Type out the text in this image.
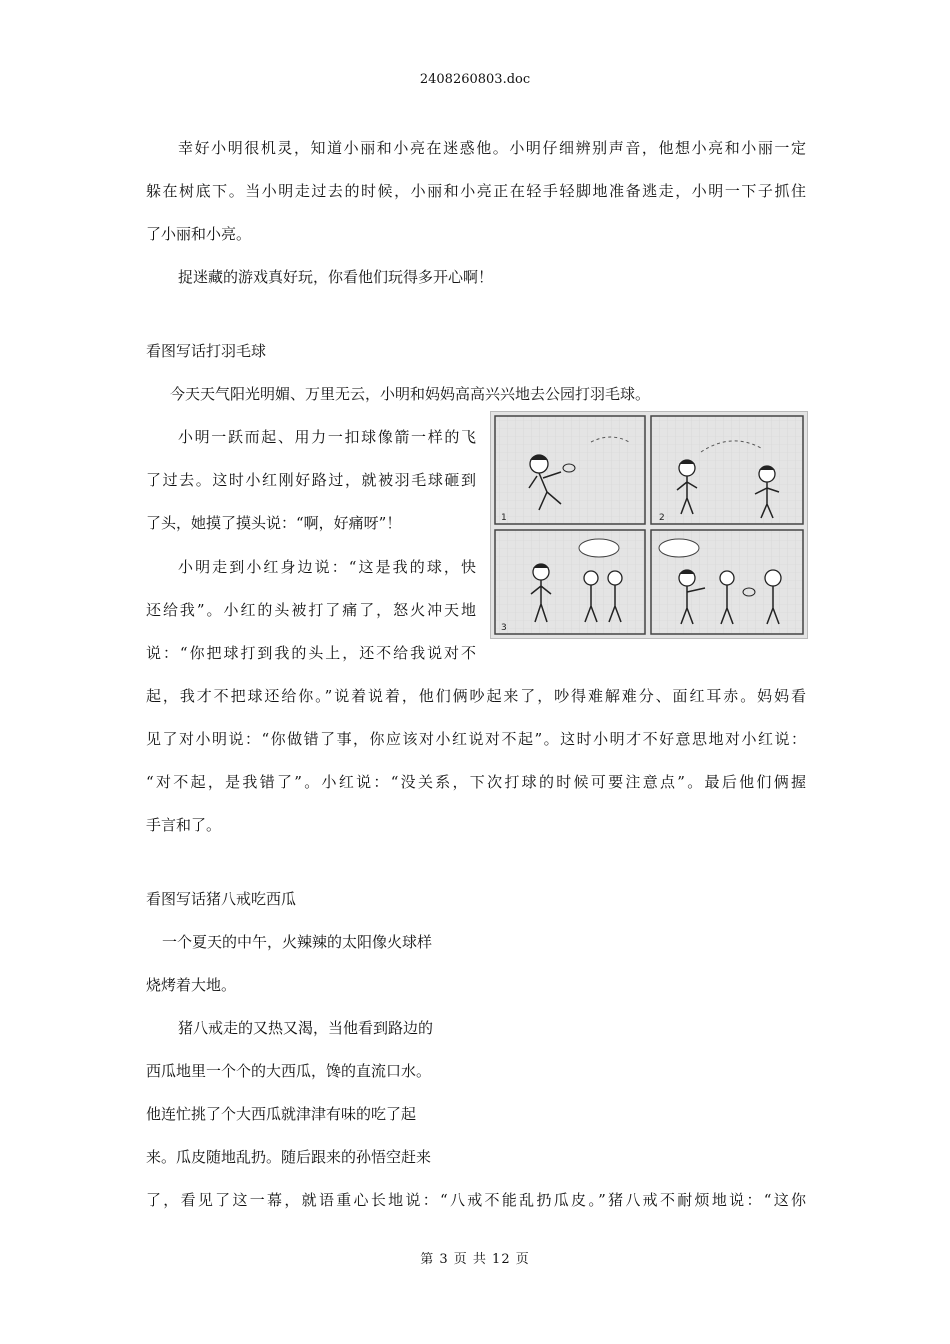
2408260803.doc
幸好小明很机灵，知道小丽和小亮在迷惑他。小明仔细辨别声音，他想小亮和小丽一定
躲在树底下。当小明走过去的时候，小丽和小亮正在轻手轻脚地准备逃走，小明一下子抓住
了小丽和小亮。
捉迷藏的游戏真好玩，你看他们玩得多开心啊！
看图写话打羽毛球
今天天气阳光明媚、万里无云，小明和妈妈高高兴兴地去公园打羽毛球。
小明一跃而起、用力一扣球像箭一样的飞
了过去。这时小红刚好路过，就被羽毛球砸到
了头，她摸了摸头说：“啊，好痛呀”！
小明走到小红身边说：“这是我的球，快
还给我”。小红的头被打了痛了，怒火冲天地
说：“你把球打到我的头上，还不给我说对不
起，我才不把球还给你。”说着说着，他们俩吵起来了，吵得难解难分、面红耳赤。妈妈看
见了对小明说：“你做错了事，你应该对小红说对不起”。这时小明才不好意思地对小红说：
“对不起，是我错了”。小红说：“没关系，下次打球的时候可要注意点”。最后他们俩握
手言和了。
1	2
3
看图写话猪八戒吃西瓜
一个夏天的中午，火辣辣的太阳像火球样
烧烤着大地。
猪八戒走的又热又渴，当他看到路边的
西瓜地里一个个的大西瓜，馋的直流口水。
他连忙挑了个大西瓜就津津有味的吃了起
来。瓜皮随地乱扔。随后跟来的孙悟空赶来
了，看见了这一幕，就语重心长地说：“八戒不能乱扔瓜皮。”猪八戒不耐烦地说：“这你
第 3 页 共 12 页
